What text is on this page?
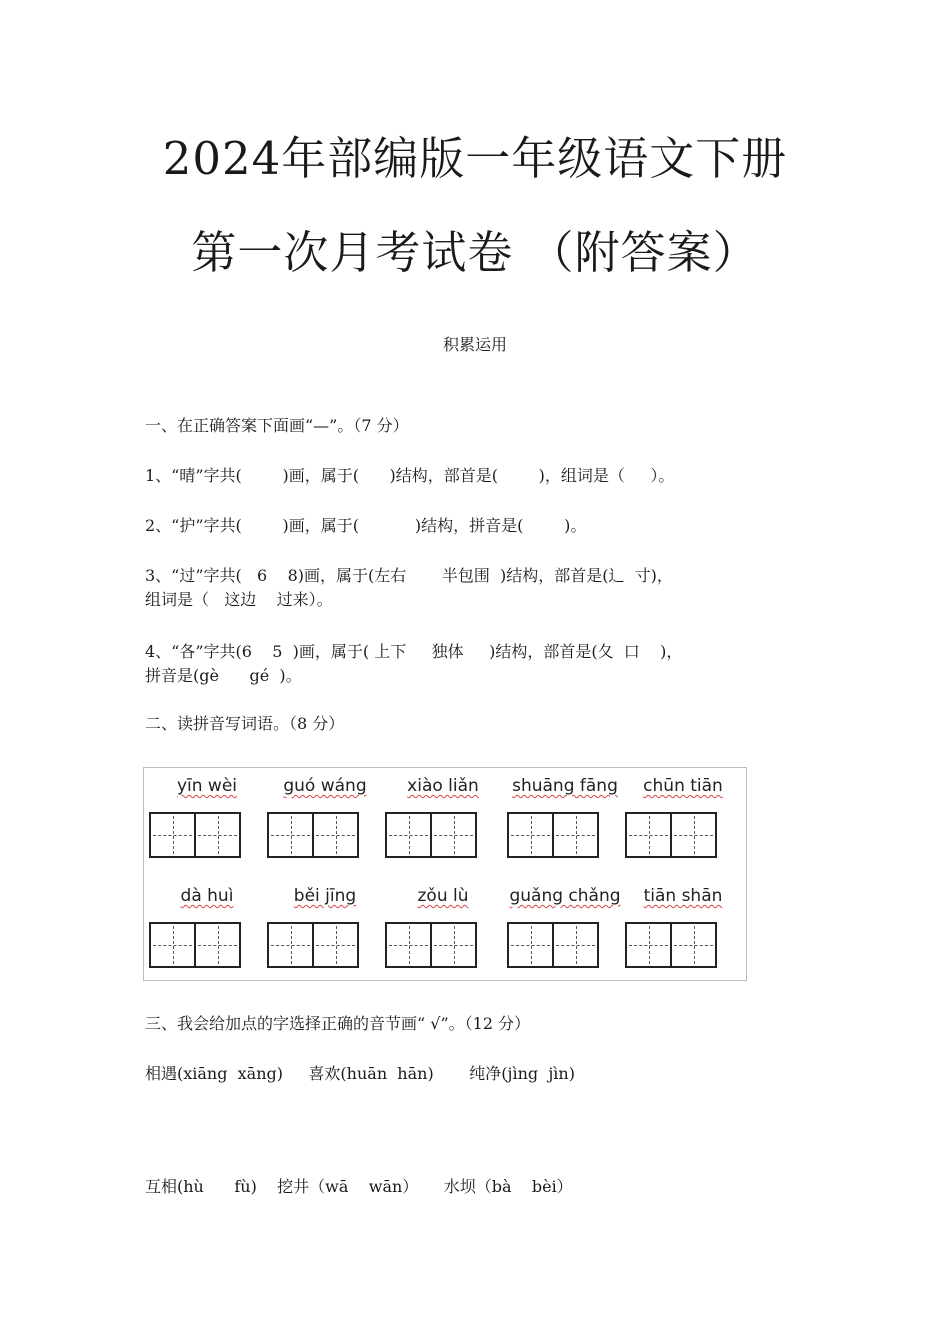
2024年部编版一年级语文下册
第一次月考试卷 （附答案）
积累运用
一、在正确答案下面画“—”。（7 分）
1、“晴”字共(        )画，属于(      )结构，部首是(        )，组词是（     ）。
2、“护”字共(        )画，属于(           )结构，拼音是(        )。
3、“过”字共(   6    8)画，属于(左右       半包围  )结构，部首是(辶  寸)，
组词是（   这边    过来）。
4、“各”字共(6    5  )画，属于( 上下     独体     )结构，部首是(夂  口    )，
拼音是(gè      gé  )。
二、读拼音写词语。（8 分）
yīn wèi	guó wáng	xiào liǎn	shuāng fāng	chūn tiān
dà huì	běi jīng	zǒu lù	guǎng chǎng	tiān shān
三、我会给加点的字选择正确的音节画“ √”。（12 分）
相遇(xiāng  xāng)     喜欢(huān  hān)       纯净(jìng  jìn)
互相(hù      fù)    挖井（wā    wān）     水坝（bà    bèi）
